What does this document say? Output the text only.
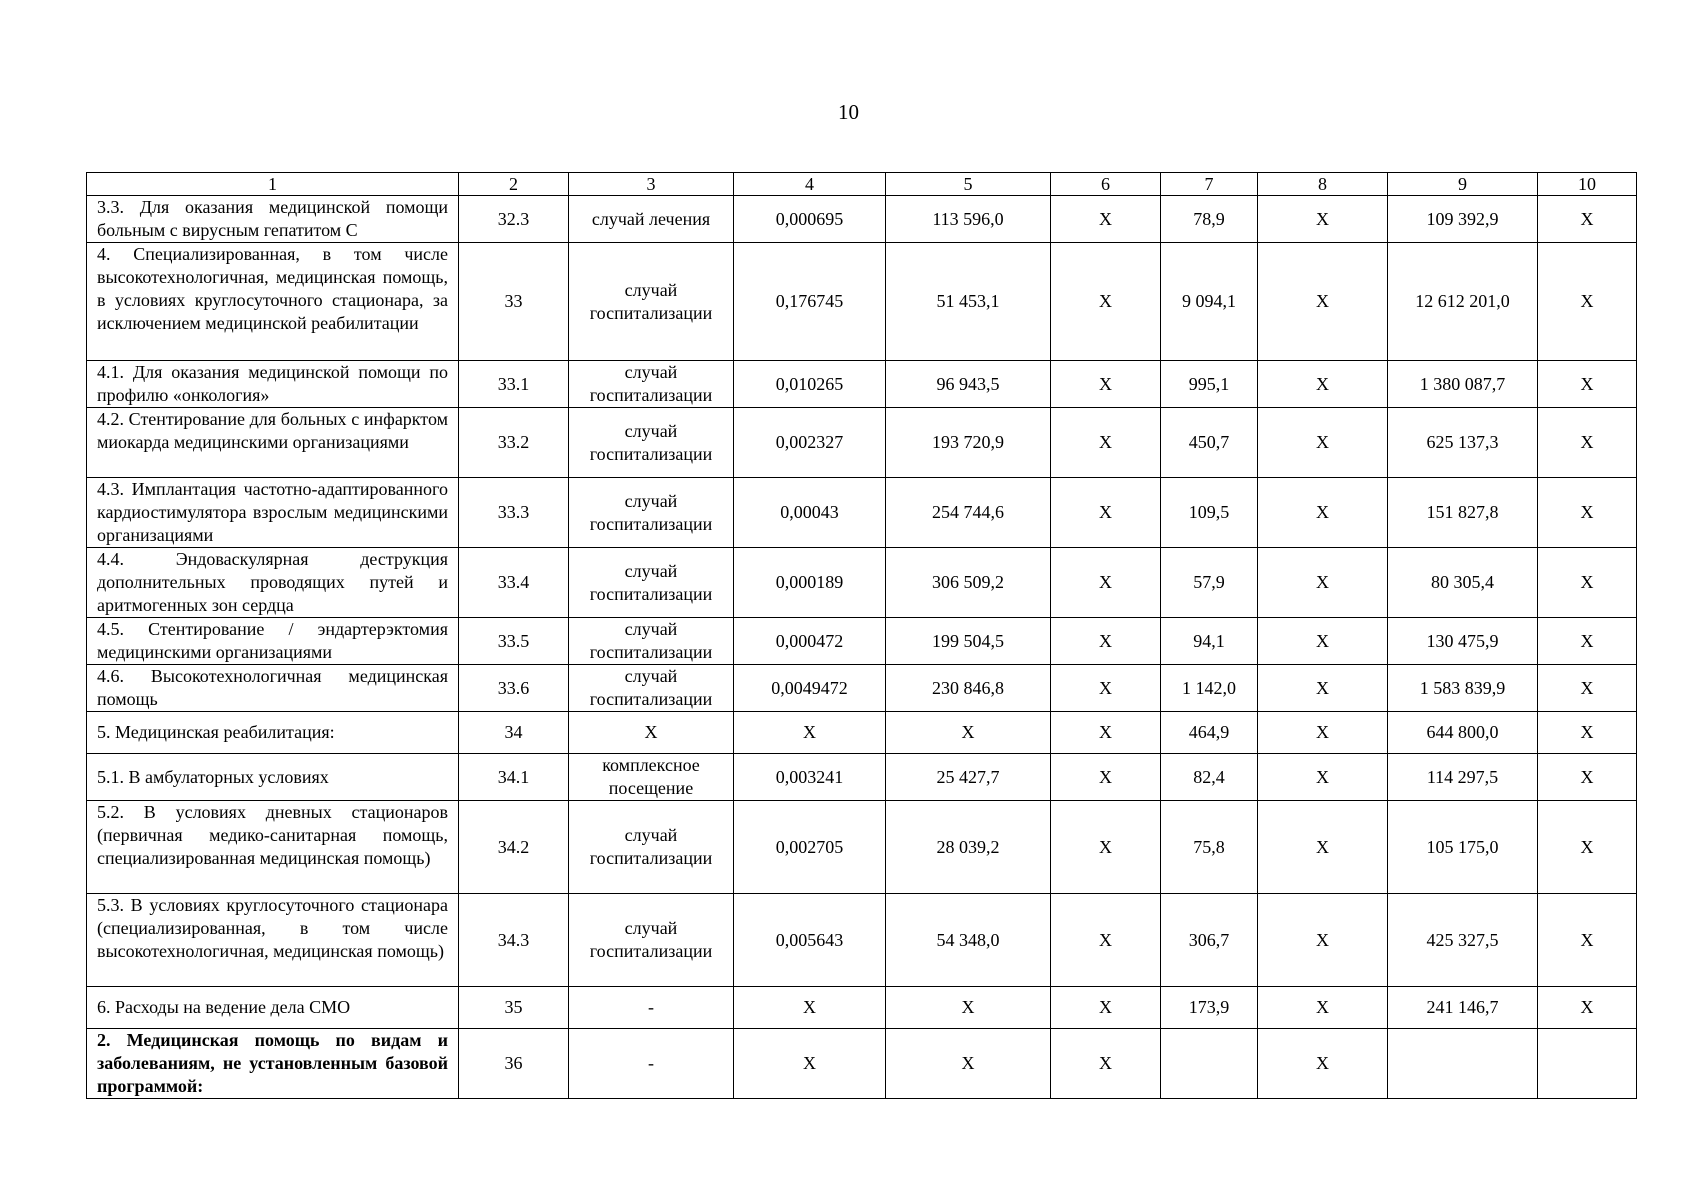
10
1	2	3	4	5	6	7	8	9	10
3.3. Для оказания медицинской помощи больным с вирусным гепатитом С	32.3	случай лечения	0,000695	113 596,0	Х	78,9	Х	109 392,9	Х
4. Специализированная, в том числе высокотехнологичная, медицинская помощь, в условиях круглосуточного стационара, за исключением медицинской реабилитации	33	случай госпитализации	0,176745	51 453,1	Х	9 094,1	Х	12 612 201,0	Х
4.1. Для оказания медицинской помощи по профилю «онкология»	33.1	случай госпитализации	0,010265	96 943,5	Х	995,1	Х	1 380 087,7	Х
4.2. Стентирование для больных с инфарктом миокарда медицинскими организациями	33.2	случай госпитализации	0,002327	193 720,9	Х	450,7	Х	625 137,3	Х
4.3. Имплантация частотно-адаптированного кардиостимулятора взрослым медицинскими организациями	33.3	случай госпитализации	0,00043	254 744,6	Х	109,5	Х	151 827,8	Х
4.4. Эндоваскулярная деструкция дополнительных проводящих путей и аритмогенных зон сердца	33.4	случай госпитализации	0,000189	306 509,2	Х	57,9	Х	80 305,4	Х
4.5. Стентирование / эндартерэктомия медицинскими организациями	33.5	случай госпитализации	0,000472	199 504,5	Х	94,1	Х	130 475,9	Х
4.6. Высокотехнологичная медицинская помощь	33.6	случай госпитализации	0,0049472	230 846,8	Х	1 142,0	Х	1 583 839,9	Х
5. Медицинская реабилитация:	34	Х	Х	Х	Х	464,9	Х	644 800,0	Х
5.1. В амбулаторных условиях	34.1	комплексное посещение	0,003241	25 427,7	Х	82,4	Х	114 297,5	Х
5.2. В условиях дневных стационаров (первичная медико-санитарная помощь, специализированная медицинская помощь)	34.2	случай госпитализации	0,002705	28 039,2	Х	75,8	Х	105 175,0	Х
5.3. В условиях круглосуточного стационара (специализированная, в том числе высокотехнологичная, медицинская помощь)	34.3	случай госпитализации	0,005643	54 348,0	Х	306,7	Х	425 327,5	Х
6. Расходы на ведение дела СМО	35	-	Х	Х	Х	173,9	Х	241 146,7	Х
2. Медицинская помощь по видам и заболеваниям, не установленным базовой программой:	36	-	Х	Х	Х		Х		
